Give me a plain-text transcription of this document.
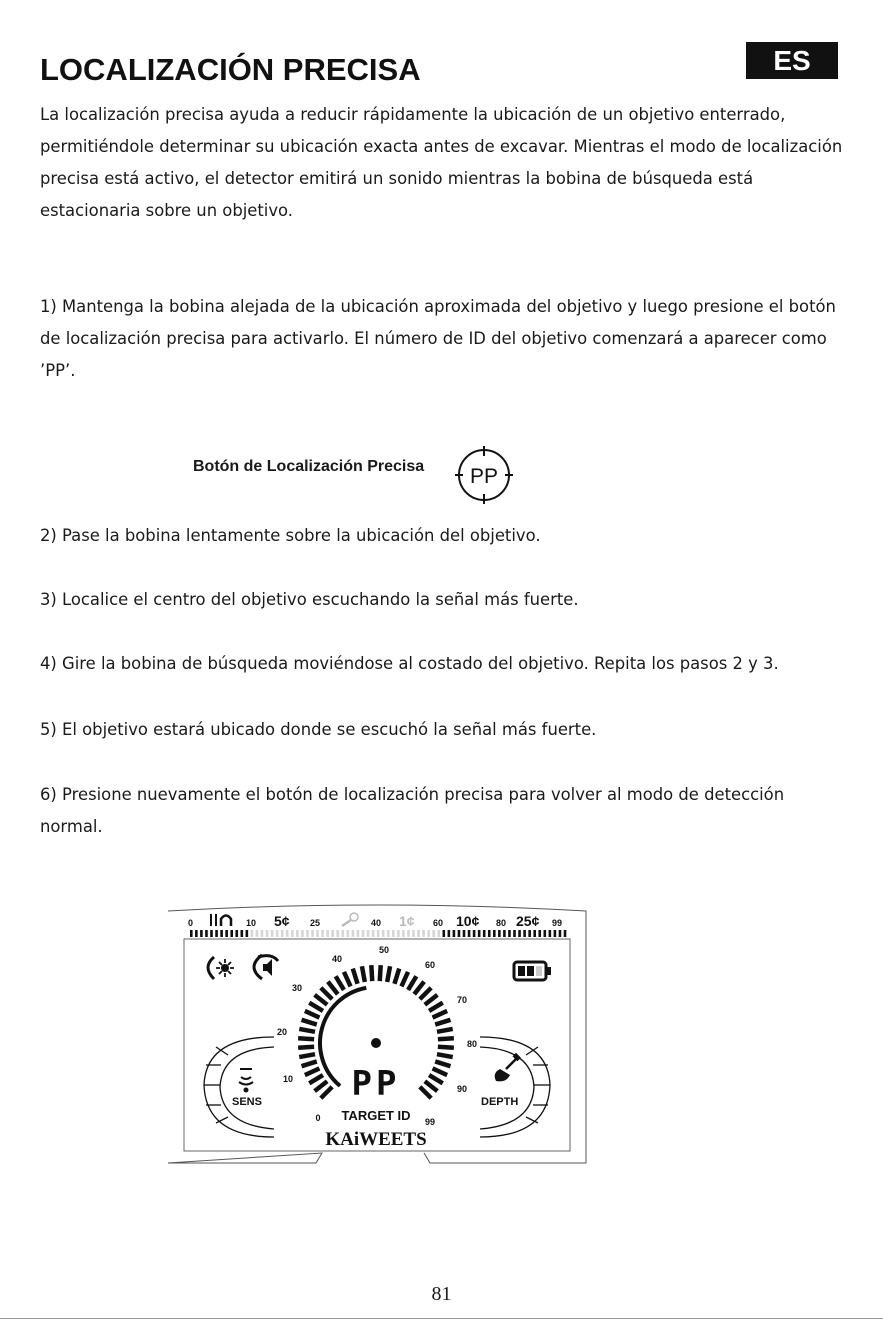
LOCALIZACIÓN PRECISA	ES

La localización precisa ayuda a reducir rápidamente la ubicación de un objetivo enterrado, permitiéndole determinar su ubicación exacta antes de excavar. Mientras el modo de localización precisa está activo, el detector emitirá un sonido mientras la bobina de búsqueda está estacionaria sobre un objetivo.

1) Mantenga la bobina alejada de la ubicación aproximada del objetivo y luego presione el botón de localización precisa para activarlo. El número de ID del objetivo comenzará a aparecer como ’PP’.

Botón de Localización Precisa PP

2) Pase la bobina lentamente sobre la ubicación del objetivo.

3) Localice el centro del objetivo escuchando la señal más fuerte.

4) Gire la bobina de búsqueda moviéndose al costado del objetivo. Repita los pasos 2 y 3.

5) El objetivo estará ubicado donde se escuchó la señal más fuerte.

6) Presione nuevamente el botón de localización precisa para volver al modo de detección normal.

0	10 5¢ 25	40 1¢ 60 10¢ 80 25¢ 99
0
10
20
30
40
50
60
70
80
90
99
PP
TARGET ID
KAiWEETS
SENS	DEPTH
81
